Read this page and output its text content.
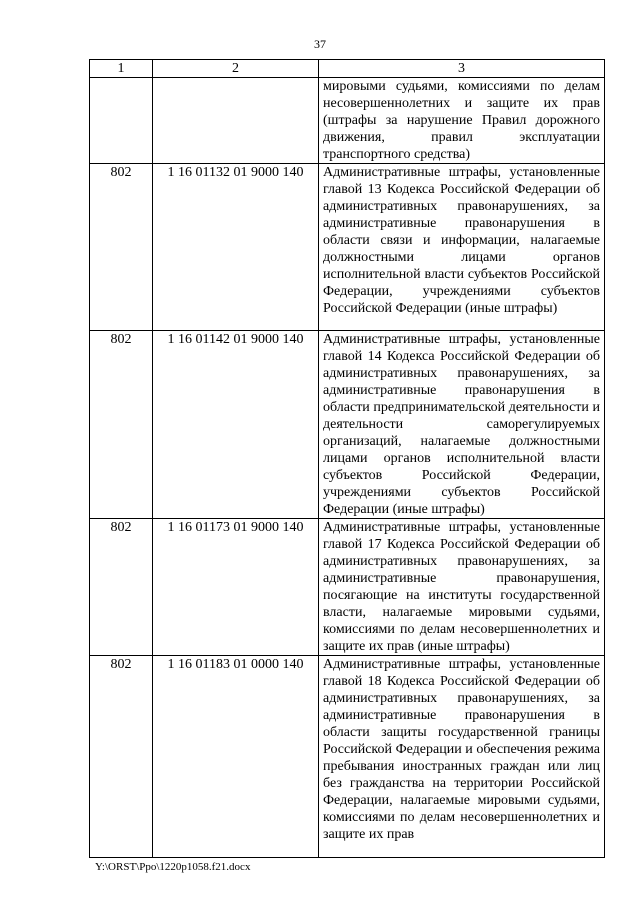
37
1	2	3
		мировыми судьями, комиссиями по делам несовершеннолетних и защите их прав (штрафы за нарушение Правил дорожного движения, правил эксплуатации транспортного средства)
802	1 16 01132 01 9000 140	Административные штрафы, установленные главой 13 Кодекса Российской Федерации об административных правонарушениях, за административные правонарушения в области связи и информации, налагаемые должностными лицами органов исполнительной власти субъектов Российской Федерации, учреждениями субъектов Российской Федерации (иные штрафы)
802	1 16 01142 01 9000 140	Административные штрафы, установленные главой 14 Кодекса Российской Федерации об административных правонарушениях, за административные правонарушения в области предпринимательской деятельности и деятельности саморегулируемых организаций, налагаемые должностными лицами органов исполнительной власти субъектов Российской Федерации, учреждениями субъектов Российской Федерации (иные штрафы)
802	1 16 01173 01 9000 140	Административные штрафы, установленные главой 17 Кодекса Российской Федерации об административных правонарушениях, за административные правонарушения, посягающие на институты государственной власти, налагаемые мировыми судьями, комиссиями по делам несовершеннолетних и защите их прав (иные штрафы)
802	1 16 01183 01 0000 140	Административные штрафы, установленные главой 18 Кодекса Российской Федерации об административных правонарушениях, за административные правонарушения в области защиты государственной границы Российской Федерации и обеспечения режима пребывания иностранных граждан или лиц без гражданства на территории Российской Федерации, налагаемые мировыми судьями, комиссиями по делам несовершеннолетних и защите их прав
Y:\ORST\Ppo\1220p1058.f21.docx
